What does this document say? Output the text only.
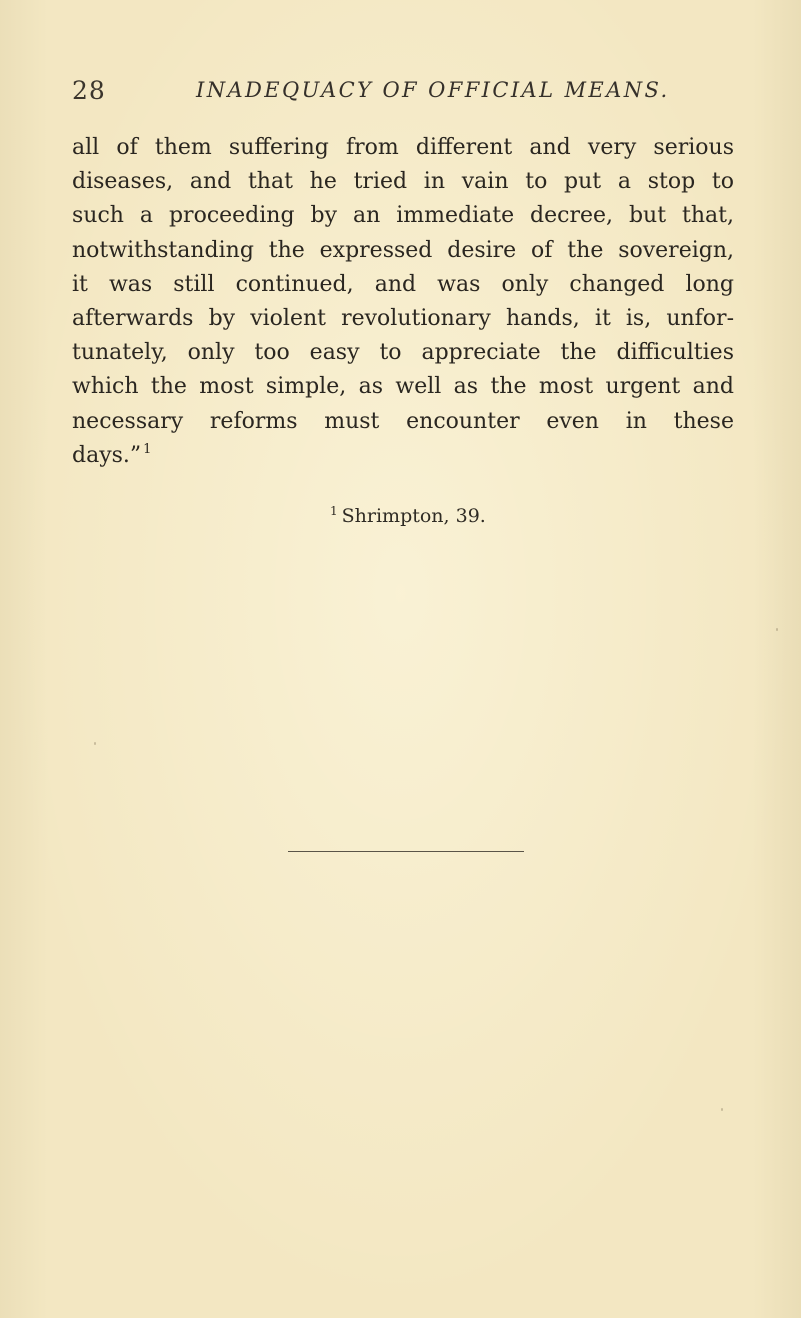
28	INADEQUACY OF OFFICIAL MEANS.
all of them suffering from different and very serious
diseases, and that he tried in vain to put a stop to
such a proceeding by an immediate decree, but that,
notwithstanding the expressed desire of the sovereign,
it was still continued, and was only changed long
afterwards by violent revolutionary hands, it is, unfor-
tunately, only too easy to appreciate the difficulties
which the most simple, as well as the most urgent and
necessary reforms must encounter even in these
days.” $^1$
$^1$ Shrimpton, 39.
